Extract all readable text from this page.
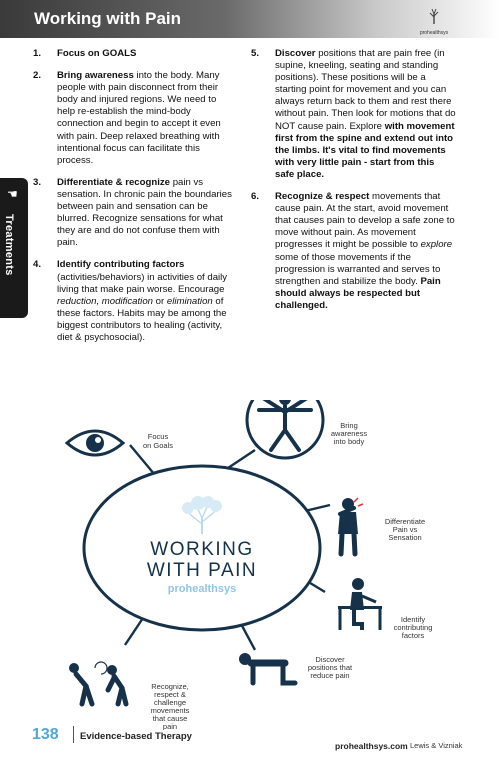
Working with Pain
prohealthsys
☚
Treatments
1. Focus on GOALS
2. Bring awareness into the body. Many people with pain disconnect from their body and injured regions. We need to help re-establish the mind-body connection and begin to accept it even with pain. Deep relaxed breathing with intentional focus can facilitate this process.
3. Differentiate & recognize pain vs sensation. In chronic pain the boundaries between pain and sensation can be blurred. Recognize sensations for what they are and do not confuse them with pain.
4. Identify contributing factors (activities/behaviors) in activities of daily living that make pain worse. Encourage reduction, modification or elimination of these factors. Habits may be among the biggest contributors to healing (activity, diet & psychosocial).
5. Discover positions that are pain free (in supine, kneeling, seating and standing positions). These positions will be a starting point for movement and you can always return back to them and rest there without pain. Then look for motions that do NOT cause pain. Explore with movement first from the spine and extend out into the limbs. It's vital to find movements with very little pain - start from this safe place.
6. Recognize & respect movements that cause pain. At the start, avoid movement that causes pain to develop a safe zone to move without pain. As movement progresses it might be possible to explore some of those movements if the progression is warranted and serves to strengthen and stabilize the body. Pain should always be respected but challenged.
WORKING
WITH PAIN
prohealthsys
Focus
on Goals
Bring
awareness
into body
Differentiate
Pain vs
Sensation
Identify
contributing
factors
Discover
positions that
reduce pain
Recognize,
respect &
challenge
movements
that cause
pain
138 Evidence-based Therapy
prohealthsys.com Lewis & Vizniak
